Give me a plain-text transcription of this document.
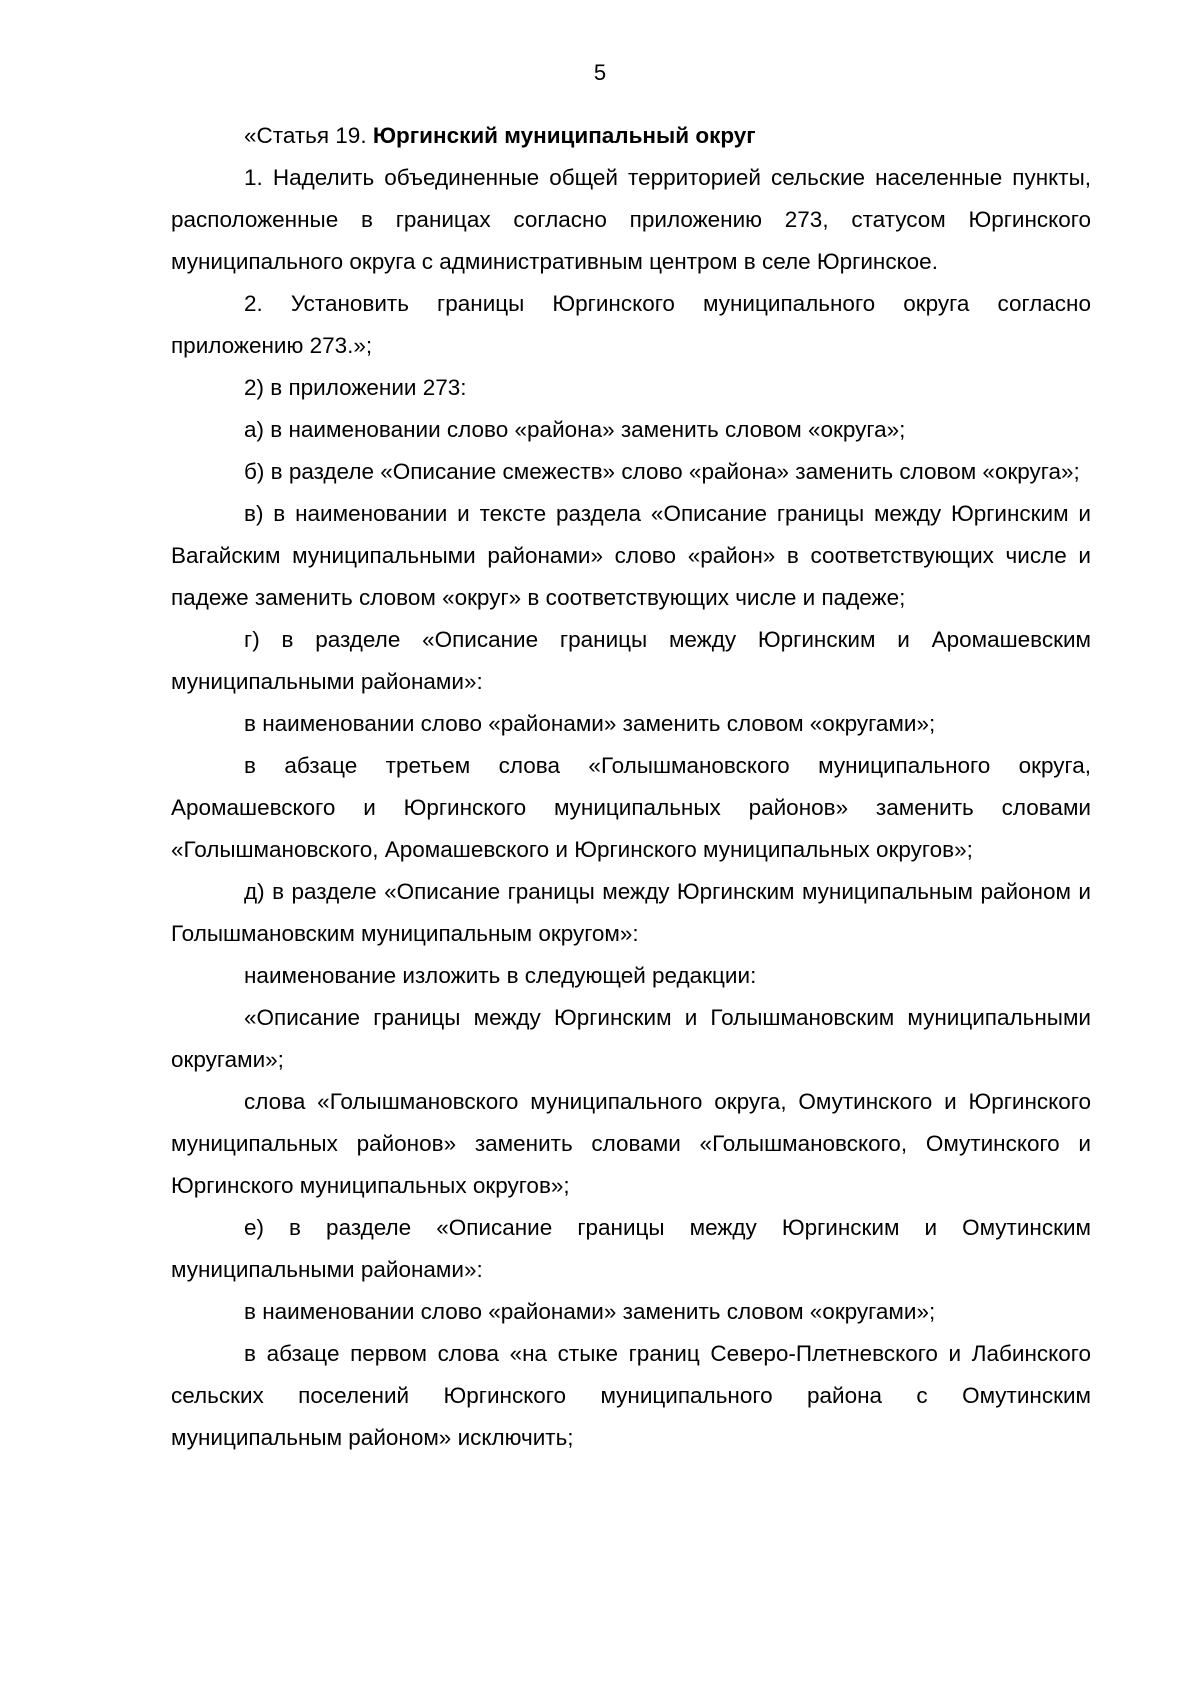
5

«Статья 19. Юргинский муниципальный округ

1. Наделить объединенные общей территорией сельские населенные пункты, расположенные в границах согласно приложению 273, статусом Юргинского муниципального округа с административным центром в селе Юргинское.

2. Установить границы Юргинского муниципального округа согласно приложению 273.»;

2) в приложении 273:

а) в наименовании слово «района» заменить словом «округа»;

б) в разделе «Описание смежеств» слово «района» заменить словом «округа»;

в) в наименовании и тексте раздела «Описание границы между Юргинским и Вагайским муниципальными районами» слово «район» в соответствующих числе и падеже заменить словом «округ» в соответствующих числе и падеже;

г) в разделе «Описание границы между Юргинским и Аромашевским муниципальными районами»:

в наименовании слово «районами» заменить словом «округами»;

в абзаце третьем слова «Голышмановского муниципального округа, Аромашевского и Юргинского муниципальных районов» заменить словами «Голышмановского, Аромашевского и Юргинского муниципальных округов»;

д) в разделе «Описание границы между Юргинским муниципальным районом и Голышмановским муниципальным округом»:

наименование изложить в следующей редакции:

«Описание границы между Юргинским и Голышмановским муниципальными округами»;

слова «Голышмановского муниципального округа, Омутинского и Юргинского муниципальных районов» заменить словами «Голышмановского, Омутинского и Юргинского муниципальных округов»;

е) в разделе «Описание границы между Юргинским и Омутинским муниципальными районами»:

в наименовании слово «районами» заменить словом «округами»;

в абзаце первом слова «на стыке границ Северо-Плетневского и Лабинского сельских поселений Юргинского муниципального района с Омутинским муниципальным районом» исключить;
